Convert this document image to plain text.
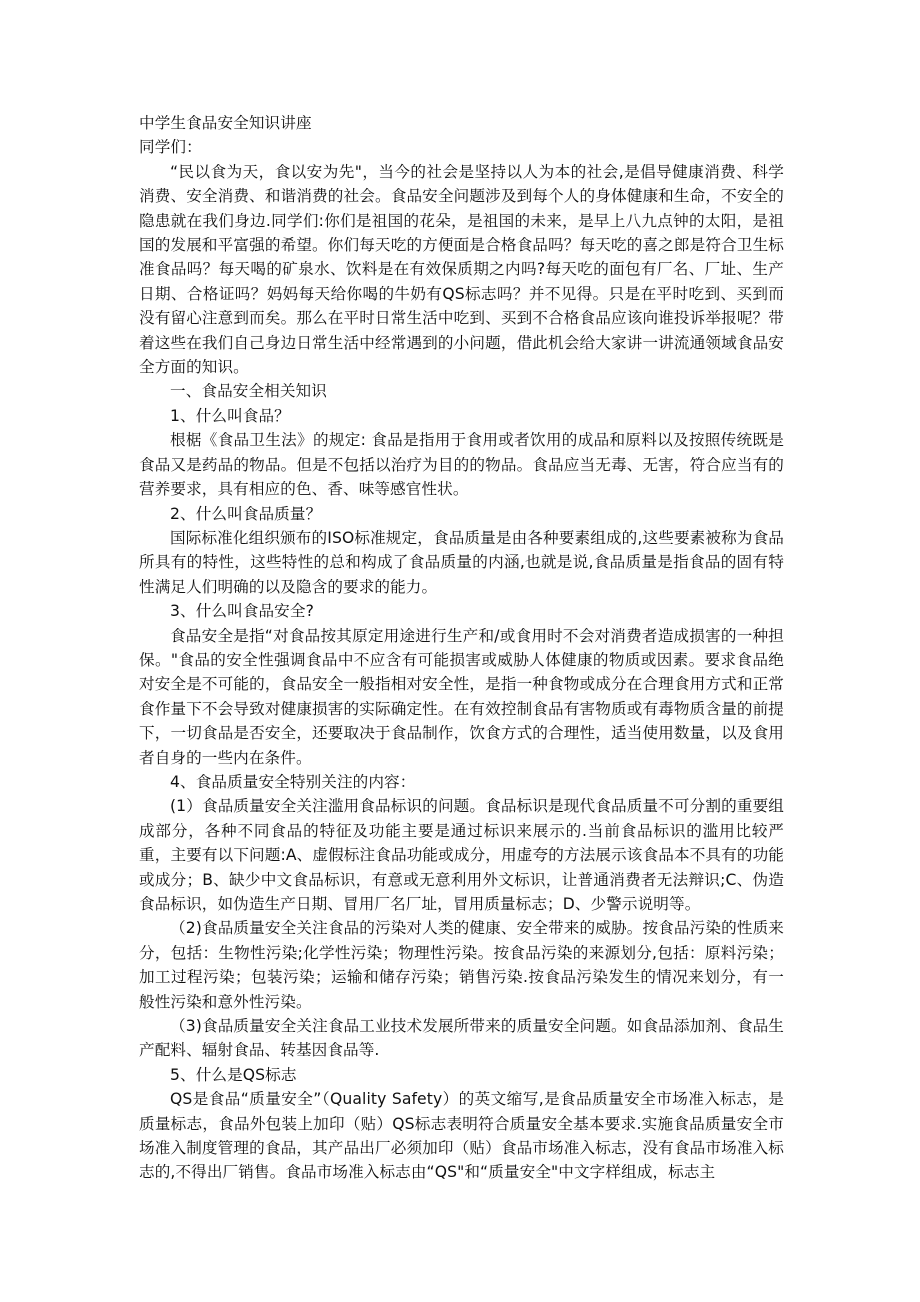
中学生食品安全知识讲座

同学们：

“民以食为天，食以安为先"，当今的社会是坚持以人为本的社会,是倡导健康消费、科学消费、安全消费、和谐消费的社会。食品安全问题涉及到每个人的身体健康和生命，不安全的隐患就在我们身边.同学们:你们是祖国的花朵，是祖国的未来，是早上八九点钟的太阳，是祖国的发展和平富强的希望。你们每天吃的方便面是合格食品吗？每天吃的喜之郎是符合卫生标准食品吗？每天喝的矿泉水、饮料是在有效保质期之内吗?每天吃的面包有厂名、厂址、生产日期、合格证吗？妈妈每天给你喝的牛奶有QS标志吗？并不见得。只是在平时吃到、买到而没有留心注意到而矣。那么在平时日常生活中吃到、买到不合格食品应该向谁投诉举报呢？带着这些在我们自己身边日常生活中经常遇到的小问题，借此机会给大家讲一讲流通领域食品安全方面的知识。

一、食品安全相关知识

1、什么叫食品？

根椐《食品卫生法》的规定: 食品是指用于食用或者饮用的成品和原料以及按照传统既是食品又是药品的物品。但是不包括以治疗为目的的物品。食品应当无毒、无害，符合应当有的营养要求，具有相应的色、香、味等感官性状。

2、什么叫食品质量？

国际标准化组织颁布的ISO标准规定，食品质量是由各种要素组成的,这些要素被称为食品所具有的特性，这些特性的总和构成了食品质量的内涵,也就是说,食品质量是指食品的固有特性满足人们明确的以及隐含的要求的能力。

3、什么叫食品安全?

食品安全是指“对食品按其原定用途进行生产和/或食用时不会对消费者造成损害的一种担保。"食品的安全性强调食品中不应含有可能损害或威胁人体健康的物质或因素。要求食品绝对安全是不可能的，食品安全一般指相对安全性，是指一种食物或成分在合理食用方式和正常食作量下不会导致对健康损害的实际确定性。在有效控制食品有害物质或有毒物质含量的前提下，一切食品是否安全，还要取决于食品制作，饮食方式的合理性，适当使用数量，以及食用者自身的一些内在条件。

4、食品质量安全特别关注的内容：

(1）食品质量安全关注滥用食品标识的问题。食品标识是现代食品质量不可分割的重要组成部分，各种不同食品的特征及功能主要是通过标识来展示的.当前食品标识的滥用比较严重，主要有以下问题:A、虚假标注食品功能或成分，用虚夸的方法展示该食品本不具有的功能或成分；B、缺少中文食品标识，有意或无意利用外文标识，让普通消费者无法辩识;C、伪造食品标识，如伪造生产日期、冒用厂名厂址，冒用质量标志；D、少警示说明等。

（2)食品质量安全关注食品的污染对人类的健康、安全带来的威胁。按食品污染的性质来分，包括：生物性污染;化学性污染；物理性污染。按食品污染的来源划分,包括：原料污染；加工过程污染；包装污染；运输和储存污染；销售污染.按食品污染发生的情况来划分，有一般性污染和意外性污染。

（3)食品质量安全关注食品工业技术发展所带来的质量安全问题。如食品添加剂、食品生产配料、辐射食品、转基因食品等.

5、什么是QS标志

QS是食品“质量安全”（Quality Safety）的英文缩写,是食品质量安全市场准入标志，是质量标志，食品外包装上加印（贴）QS标志表明符合质量安全基本要求.实施食品质量安全市场准入制度管理的食品，其产品出厂必须加印（贴）食品市场准入标志，没有食品市场准入标志的,不得出厂销售。食品市场准入标志由“QS"和“质量安全"中文字样组成，标志主
